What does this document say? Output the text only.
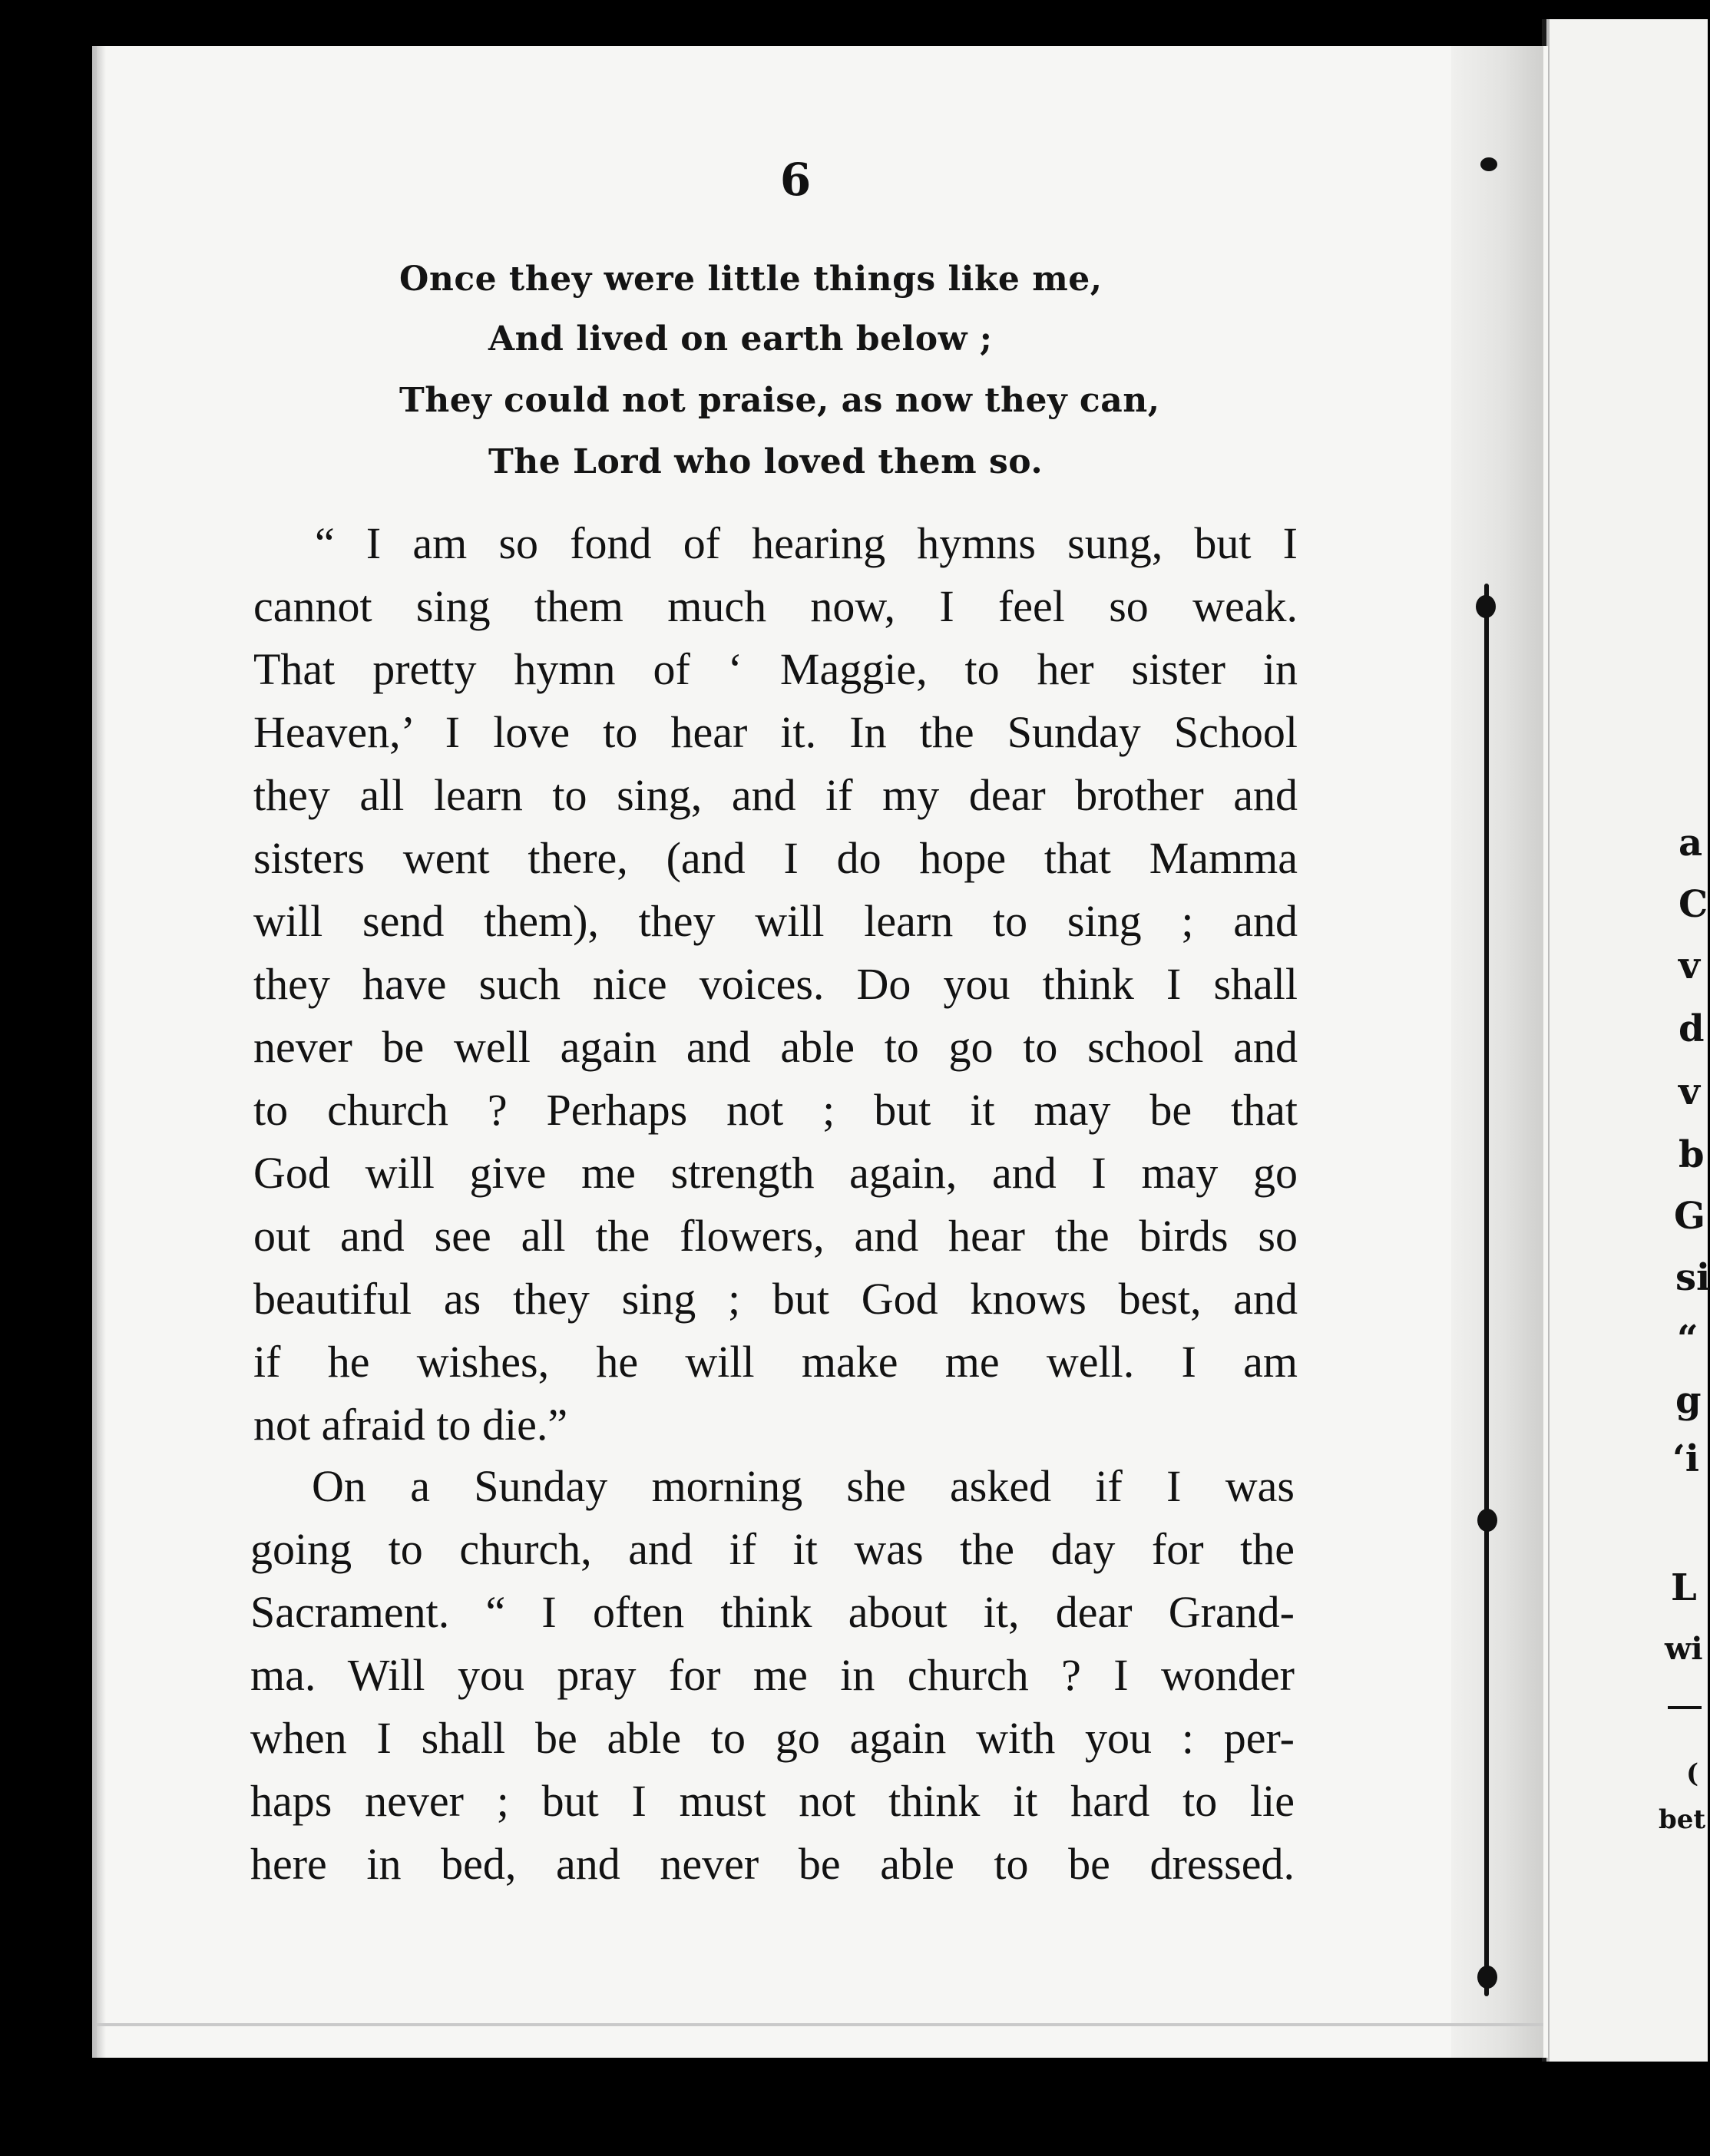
6
Once they were little things like me,
And lived on earth below ;
They could not praise, as now they can,
The Lord who loved them so.
“ I am so fond of hearing hymns sung, but I
cannot sing them much now, I feel so weak.
That pretty hymn of ‘ Maggie, to her sister in
Heaven,’ I love to hear it. In the Sunday School
they all learn to sing, and if my dear brother and
sisters went there, (and I do hope that Mamma
will send them), they will learn to sing ; and
they have such nice voices. Do you think I shall
never be well again and able to go to school and
to church ? Perhaps not ; but it may be that
God will give me strength again, and I may go
out and see all the flowers, and hear the birds so
beautiful as they sing ; but God knows best, and
if he wishes, he will make me well. I am
not afraid to die.”
On a Sunday morning she asked if I was
going to church, and if it was the day for the
Sacrament. “ I often think about it, dear Grand-
ma. Will you pray for me in church ? I wonder
when I shall be able to go again with you : per-
haps never ; but I must not think it hard to lie
here in bed, and never be able to be dressed.
a
C
v
d
v
b
G
si
“
g
‘i
L
wi
(
bet
